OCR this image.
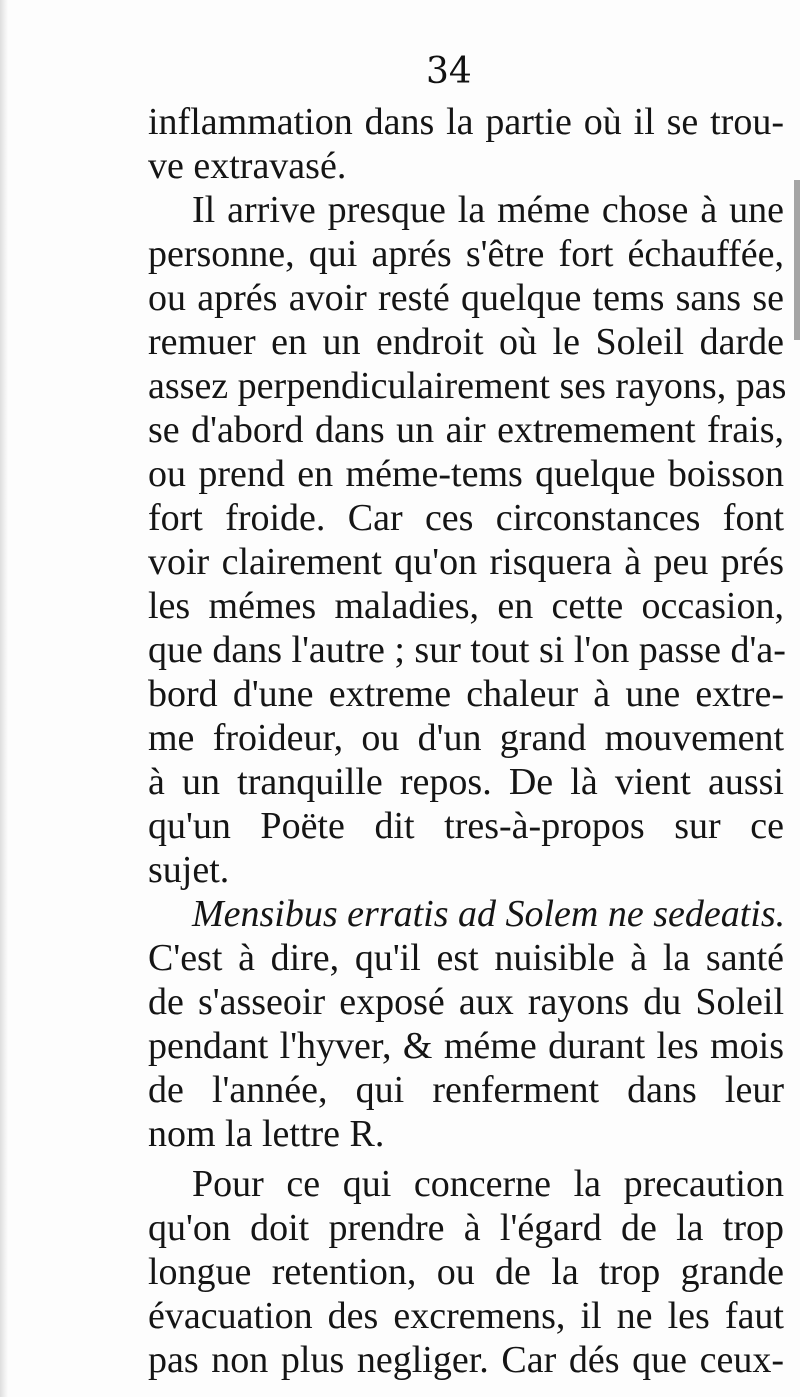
34
inflammation dans la partie où il se trou-
ve extravasé.
Il arrive presque la méme chose à une
personne, qui aprés s'être fort échauffée,
ou aprés avoir resté quelque tems sans se
remuer en un endroit où le Soleil darde
assez perpendiculairement ses rayons, pas
se d'abord dans un air extremement frais,
ou prend en méme-tems quelque boisson
fort froide. Car ces circonstances font
voir clairement qu'on risquera à peu prés
les mémes maladies, en cette occasion,
que dans l'autre ; sur tout si l'on passe d'a-
bord d'une extreme chaleur à une extre-
me froideur, ou d'un grand mouvement
à un tranquille repos. De là vient aussi
qu'un Poëte dit tres-à-propos sur ce
sujet.
Mensibus erratis ad Solem ne sedeatis.
C'est à dire, qu'il est nuisible à la santé
de s'asseoir exposé aux rayons du Soleil
pendant l'hyver, & méme durant les mois
de l'année, qui renferment dans leur
nom la lettre R.
Pour ce qui concerne la precaution
qu'on doit prendre à l'égard de la trop
longue retention, ou de la trop grande
évacuation des excremens, il ne les faut
pas non plus negliger. Car dés que ceux-
